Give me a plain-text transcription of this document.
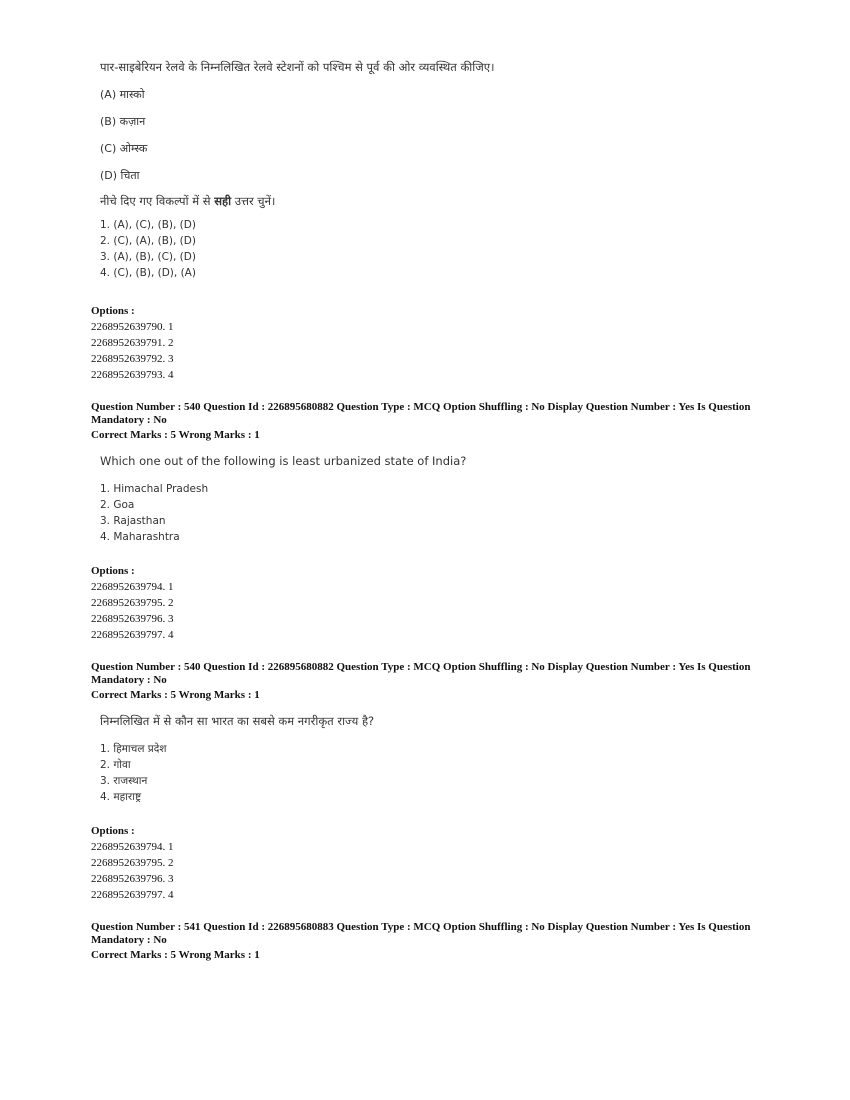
पार-साइबेरियन रेलवे के निम्नलिखित रेलवे स्टेशनों को पश्चिम से पूर्व की ओर व्यवस्थित कीजिए।

(A) मास्को

(B) कज़ान

(C) ओम्स्क

(D) चिता

नीचे दिए गए विकल्पों में से सही उत्तर चुनें।

1. (A), (C), (B), (D)
2. (C), (A), (B), (D)
3. (A), (B), (C), (D)
4. (C), (B), (D), (A)
Options :
2268952639790. 1
2268952639791. 2
2268952639792. 3
2268952639793. 4
Question Number : 540 Question Id : 226895680882 Question Type : MCQ Option Shuffling : No Display Question Number : Yes Is Question
Mandatory : No
Correct Marks : 5 Wrong Marks : 1

Which one out of the following is least urbanized state of India?

1. Himachal Pradesh
2. Goa
3. Rajasthan
4. Maharashtra
Options :
2268952639794. 1
2268952639795. 2
2268952639796. 3
2268952639797. 4
Question Number : 540 Question Id : 226895680882 Question Type : MCQ Option Shuffling : No Display Question Number : Yes Is Question
Mandatory : No
Correct Marks : 5 Wrong Marks : 1

निम्नलिखित में से कौन सा भारत का सबसे कम नगरीकृत राज्य है?

1. हिमाचल प्रदेश
2. गोवा
3. राजस्थान
4. महाराष्ट्र
Options :
2268952639794. 1
2268952639795. 2
2268952639796. 3
2268952639797. 4
Question Number : 541 Question Id : 226895680883 Question Type : MCQ Option Shuffling : No Display Question Number : Yes Is Question
Mandatory : No
Correct Marks : 5 Wrong Marks : 1
